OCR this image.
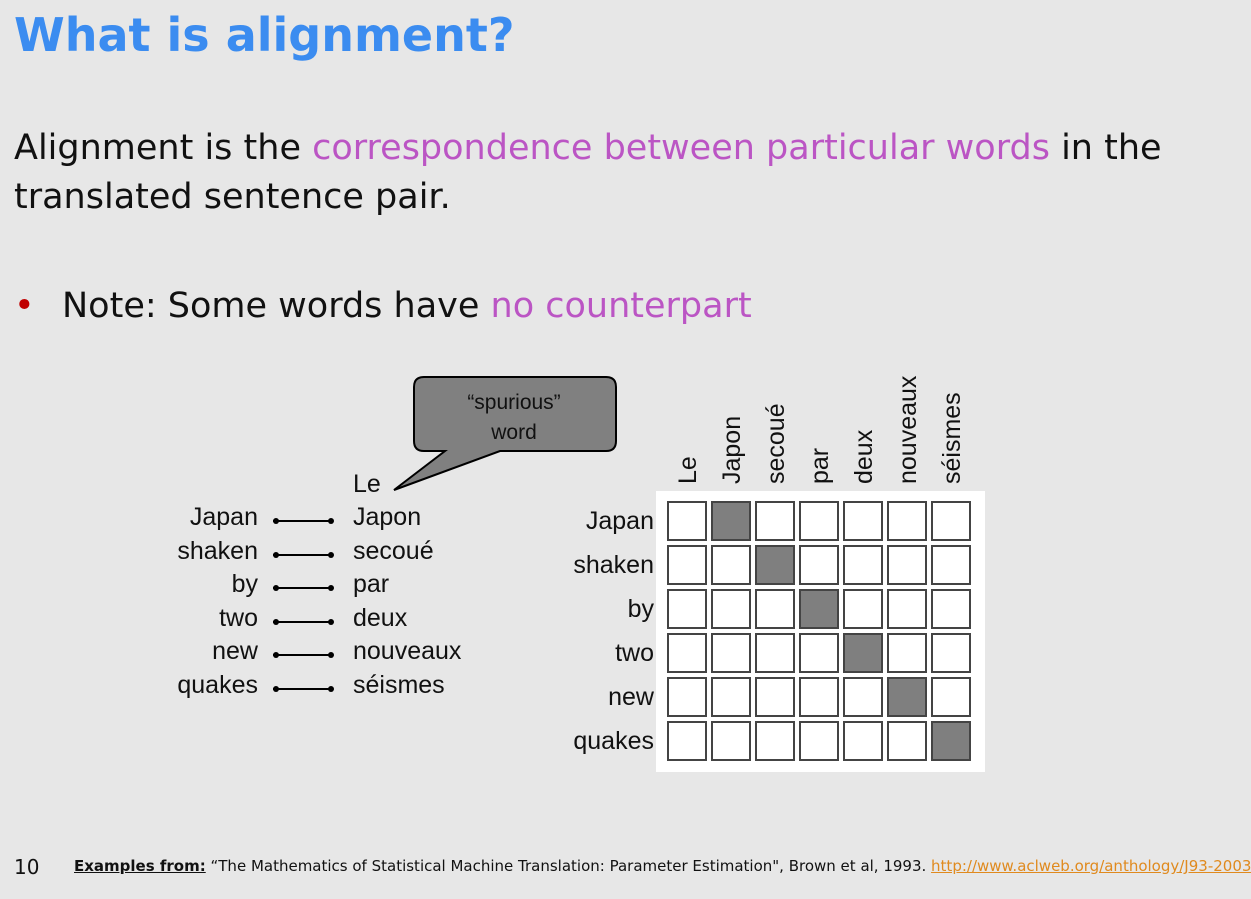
What is alignment?
Alignment is the correspondence between particular words in the translated sentence pair.
• Note: Some words have no counterpart
“spurious”
word
Le
Japan	Japon
shaken	secoué
by	par
two	deux
new	nouveaux
quakes	séismes
Japan
shaken
by
two
new
quakes
Le Japon secoué par deux nouveaux séismes
10 Examples from: “The Mathematics of Statistical Machine Translation: Parameter Estimation", Brown et al, 1993. http://www.aclweb.org/anthology/J93-2003
